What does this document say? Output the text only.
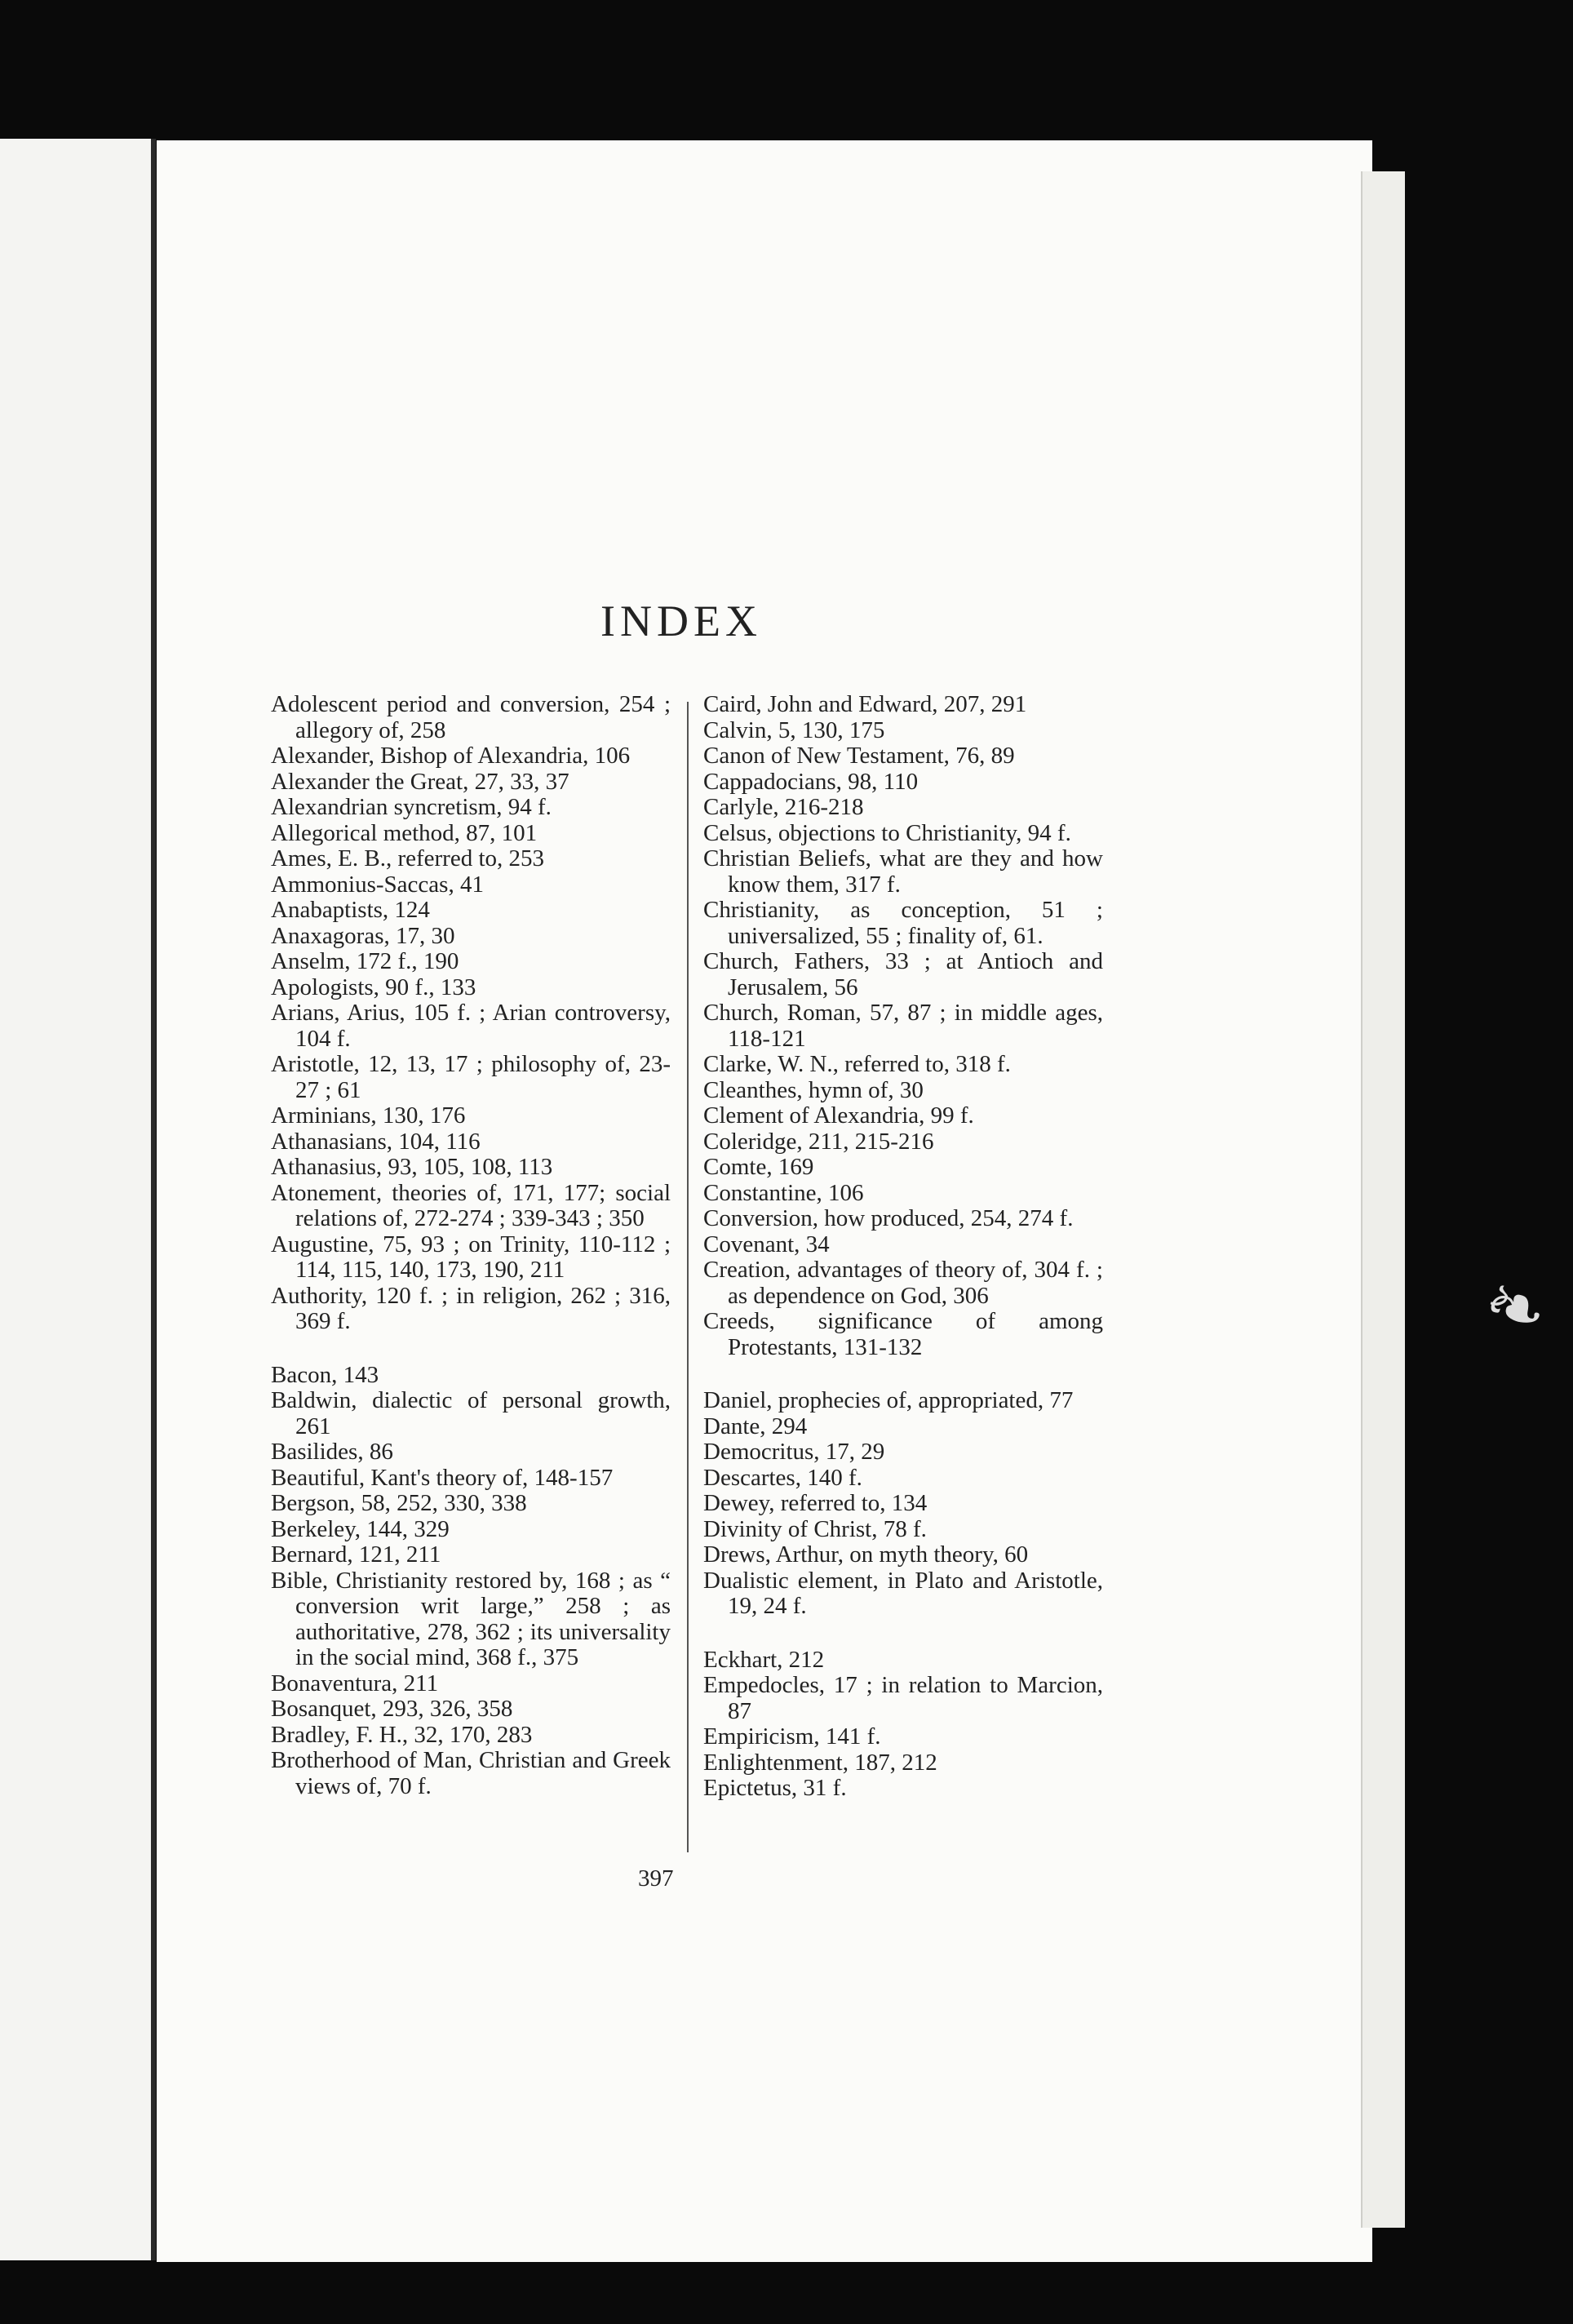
❧
INDEX
Adolescent period and conversion, 254 ; allegory of, 258
Alexander, Bishop of Alexandria, 106
Alexander the Great, 27, 33, 37
Alexandrian syncretism, 94 f.
Allegorical method, 87, 101
Ames, E. B., referred to, 253
Ammonius-Saccas, 41
Anabaptists, 124
Anaxagoras, 17, 30
Anselm, 172 f., 190
Apologists, 90 f., 133
Arians, Arius, 105 f. ; Arian controversy, 104 f.
Aristotle, 12, 13, 17 ; philosophy of, 23-27 ; 61
Arminians, 130, 176
Athanasians, 104, 116
Athanasius, 93, 105, 108, 113
Atonement, theories of, 171, 177; social relations of, 272-274 ; 339-343 ; 350
Augustine, 75, 93 ; on Trinity, 110-112 ; 114, 115, 140, 173, 190, 211
Authority, 120 f. ; in religion, 262 ; 316, 369 f.
Bacon, 143
Baldwin, dialectic of personal growth, 261
Basilides, 86
Beautiful, Kant's theory of, 148-157
Bergson, 58, 252, 330, 338
Berkeley, 144, 329
Bernard, 121, 211
Bible, Christianity restored by, 168 ; as “ conversion writ large,” 258 ; as authoritative, 278, 362 ; its universality in the social mind, 368 f., 375
Bonaventura, 211
Bosanquet, 293, 326, 358
Bradley, F. H., 32, 170, 283
Brotherhood of Man, Christian and Greek views of, 70 f.
Caird, John and Edward, 207, 291
Calvin, 5, 130, 175
Canon of New Testament, 76, 89
Cappadocians, 98, 110
Carlyle, 216-218
Celsus, objections to Christianity, 94 f.
Christian Beliefs, what are they and how know them, 317 f.
Christianity, as conception, 51 ; universalized, 55 ; finality of, 61.
Church, Fathers, 33 ; at Antioch and Jerusalem, 56
Church, Roman, 57, 87 ; in middle ages, 118-121
Clarke, W. N., referred to, 318 f.
Cleanthes, hymn of, 30
Clement of Alexandria, 99 f.
Coleridge, 211, 215-216
Comte, 169
Constantine, 106
Conversion, how produced, 254, 274 f.
Covenant, 34
Creation, advantages of theory of, 304 f. ; as dependence on God, 306
Creeds, significance of among Protestants, 131-132
Daniel, prophecies of, appropriated, 77
Dante, 294
Democritus, 17, 29
Descartes, 140 f.
Dewey, referred to, 134
Divinity of Christ, 78 f.
Drews, Arthur, on myth theory, 60
Dualistic element, in Plato and Aristotle, 19, 24 f.
Eckhart, 212
Empedocles, 17 ; in relation to Marcion, 87
Empiricism, 141 f.
Enlightenment, 187, 212
Epictetus, 31 f.
397
